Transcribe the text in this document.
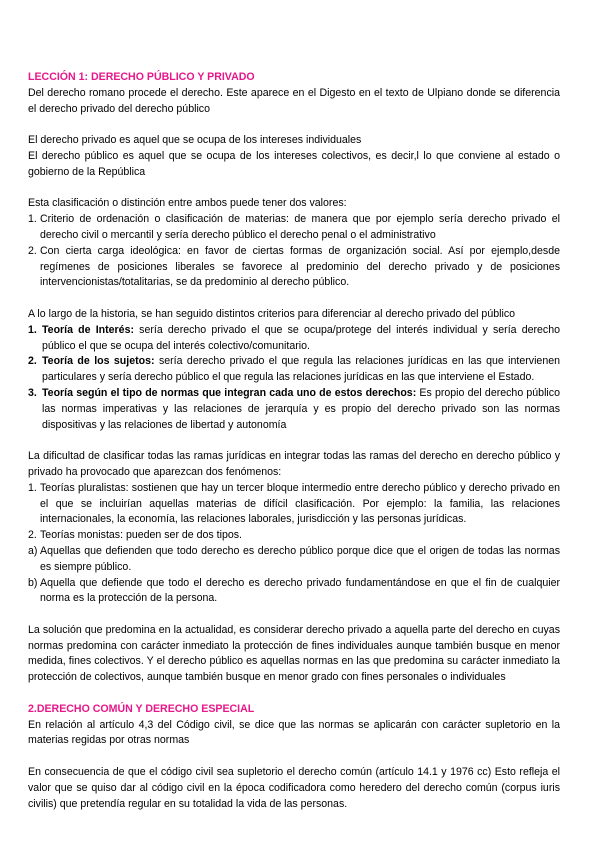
LECCIÓN 1: DERECHO PÚBLICO Y PRIVADO

Del derecho romano procede el derecho. Este aparece en el Digesto en el texto de Ulpiano donde se diferencia el derecho privado del derecho público

El derecho privado es aquel que se ocupa de los intereses individuales

El derecho público es aquel que se ocupa de los intereses colectivos, es decir,l lo que conviene al estado o gobierno de la República

Esta clasificación o distinción entre ambos puede tener dos valores:

1. Criterio de ordenación o clasificación de materias: de manera que por ejemplo sería derecho privado el derecho civil o mercantil y sería derecho público el derecho penal o el administrativo
2. Con cierta carga ideológica: en favor de ciertas formas de organización social. Así por ejemplo,desde regímenes de posiciones liberales se favorece al predominio del derecho privado y de posiciones intervencionistas/totalitarias, se da predominio al derecho público.

A lo largo de la historia, se han seguido distintos criterios para diferenciar al derecho privado del público

1. Teoría de Interés: sería derecho privado el que se ocupa/protege del interés individual y sería derecho público el que se ocupa del interés colectivo/comunitario.
2. Teoría de los sujetos: sería derecho privado el que regula las relaciones jurídicas en las que intervienen particulares y sería derecho público el que regula las relaciones jurídicas en las que interviene el Estado.
3. Teoría según el tipo de normas que integran cada uno de estos derechos: Es propio del derecho público las normas imperativas y las relaciones de jerarquía y es propio del derecho privado son las normas dispositivas y las relaciones de libertad y autonomía

La dificultad de clasificar todas las ramas jurídicas en integrar todas las ramas del derecho en derecho público y privado ha provocado que aparezcan dos fenómenos:

1. Teorías pluralistas: sostienen que hay un tercer bloque intermedio entre derecho público y derecho privado en el que se incluirían aquellas materias de difícil clasificación. Por ejemplo: la familia, las relaciones internacionales, la economía, las relaciones laborales, jurisdicción y las personas jurídicas.
2. Teorías monistas: pueden ser de dos tipos.
a) Aquellas que defienden que todo derecho es derecho público porque dice que el origen de todas las normas es siempre público.
b) Aquella que defiende que todo el derecho es derecho privado fundamentándose en que el fin de cualquier norma es la protección de la persona.

La solución que predomina en la actualidad, es considerar derecho privado a aquella parte del derecho en cuyas normas predomina con carácter inmediato la protección de fines individuales aunque también busque en menor medida, fines colectivos. Y el derecho público es aquellas normas en las que predomina su carácter inmediato la protección de colectivos, aunque también busque en menor grado con fines personales o individuales

2.DERECHO COMÚN Y DERECHO ESPECIAL

En relación al artículo 4,3 del Código civil, se dice que las normas se aplicarán con carácter supletorio en la materias regidas por otras normas

En consecuencia de que el código civil sea supletorio el derecho común (artículo 14.1 y 1976 cc) Esto refleja el valor que se quiso dar al código civil en la época codificadora como heredero del derecho común (corpus iuris civilis) que pretendía regular en su totalidad la vida de las personas.
